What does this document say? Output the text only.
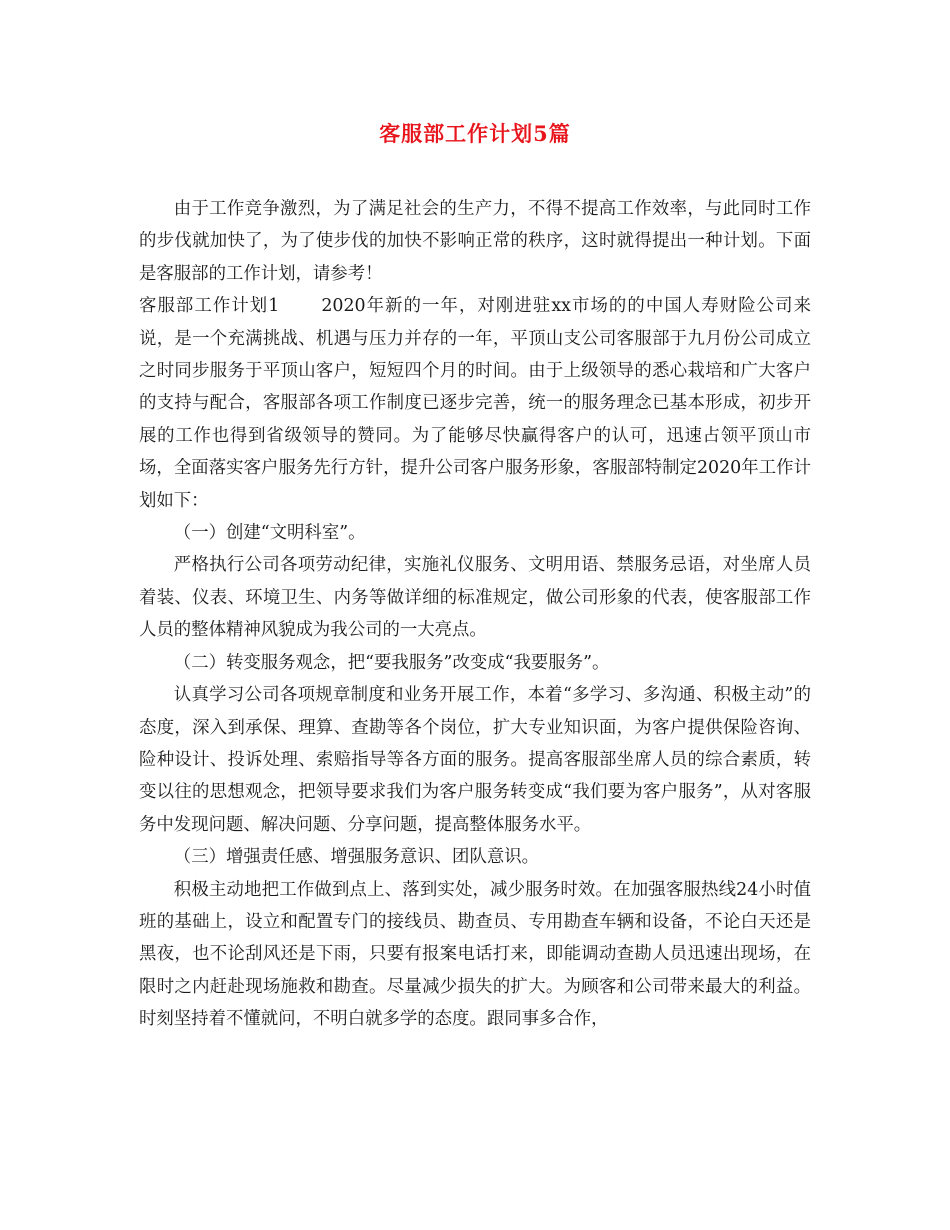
客服部工作计划5篇

由于工作竞争激烈，为了满足社会的生产力，不得不提高工作效率，与此同时工作的步伐就加快了，为了使步伐的加快不影响正常的秩序，这时就得提出一种计划。下面是客服部的工作计划，请参考！

客服部工作计划1 2020年新的一年，对刚进驻xx市场的的中国人寿财险公司来说，是一个充满挑战、机遇与压力并存的一年，平顶山支公司客服部于九月份公司成立之时同步服务于平顶山客户，短短四个月的时间。由于上级领导的悉心栽培和广大客户的支持与配合，客服部各项工作制度已逐步完善，统一的服务理念已基本形成，初步开展的工作也得到省级领导的赞同。为了能够尽快赢得客户的认可，迅速占领平顶山市场，全面落实客户服务先行方针，提升公司客户服务形象，客服部特制定2020年工作计划如下：

（一）创建“文明科室”。

严格执行公司各项劳动纪律，实施礼仪服务、文明用语、禁服务忌语，对坐席人员着装、仪表、环境卫生、内务等做详细的标准规定，做公司形象的代表，使客服部工作人员的整体精神风貌成为我公司的一大亮点。

（二）转变服务观念，把“要我服务”改变成“我要服务”。

认真学习公司各项规章制度和业务开展工作，本着“多学习、多沟通、积极主动”的态度，深入到承保、理算、查勘等各个岗位，扩大专业知识面，为客户提供保险咨询、险种设计、投诉处理、索赔指导等各方面的服务。提高客服部坐席人员的综合素质，转变以往的思想观念，把领导要求我们为客户服务转变成“我们要为客户服务”，从对客服务中发现问题、解决问题、分享问题，提高整体服务水平。

（三）增强责任感、增强服务意识、团队意识。

积极主动地把工作做到点上、落到实处，减少服务时效。在加强客服热线24小时值班的基础上，设立和配置专门的接线员、勘查员、专用勘查车辆和设备，不论白天还是黑夜，也不论刮风还是下雨，只要有报案电话打来，即能调动查勘人员迅速出现场，在限时之内赶赴现场施救和勘查。尽量减少损失的扩大。为顾客和公司带来最大的利益。时刻坚持着不懂就问，不明白就多学的态度。跟同事多合作，
